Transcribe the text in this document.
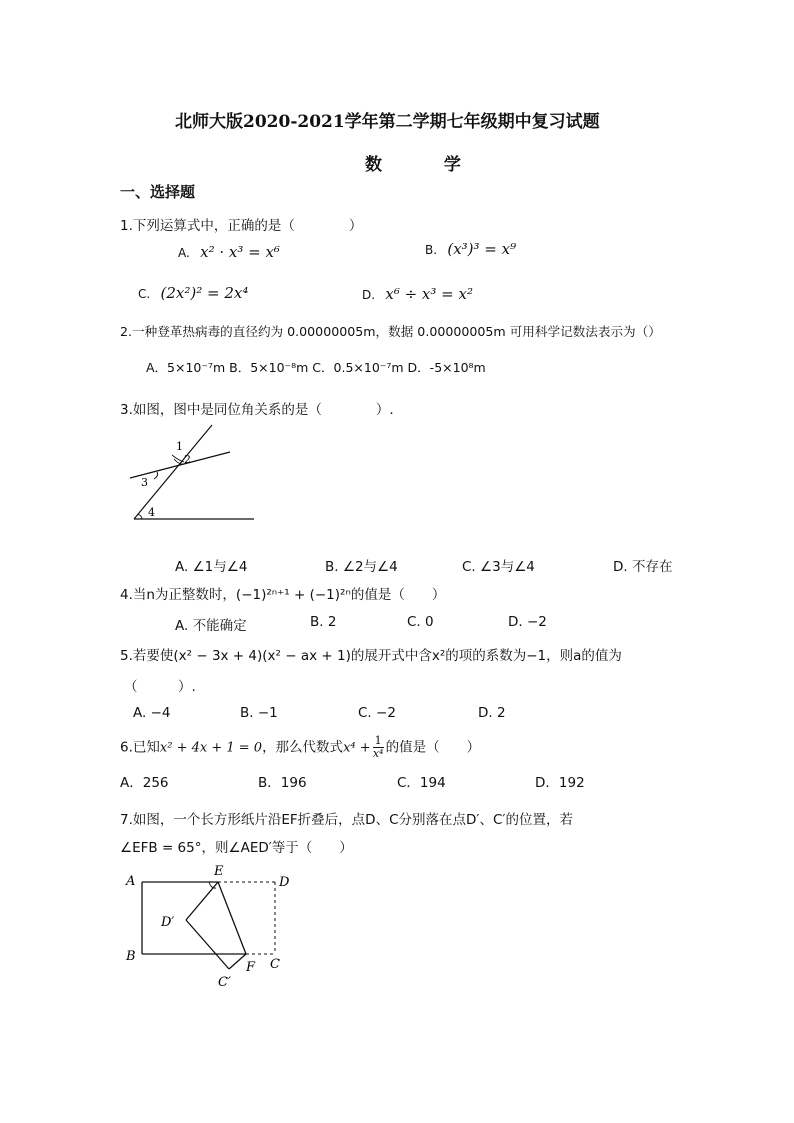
北师大版2020-2021学年第二学期七年级期中复习试题
数 学
一、选择题
1.下列运算式中，正确的是（　　　　）
A. x² · x³ = x⁶	B. (x³)³ = x⁹
C. (2x²)² = 2x⁴	D. x⁶ ÷ x³ = x²
2.一种登革热病毒的直径约为 0.00000005m，数据 0.00000005m 可用科学记数法表示为（）
A．5×10⁻⁷m B．5×10⁻⁸m C．0.5×10⁻⁷m D．-5×10⁸m
3.如图，图中是同位角关系的是（　　　　）.
1
2
3
4
A. ∠1与∠4	B. ∠2与∠4	C. ∠3与∠4	D. 不存在
4.当n为正整数时，(−1)²ⁿ⁺¹ + (−1)²ⁿ的值是（　　）
A. 不能确定	B. 2	C. 0	D. −2
5.若要使(x² − 3x + 4)(x² − ax + 1)的展开式中含x²的项的系数为−1，则a的值为
（　　　）.
A. −4	B. −1	C. −2	D. 2
6.已知x² + 4x + 1 = 0，那么代数式$x^4 + \frac{1}{\text{x⁴}}$ 的值是（　　）
A．256	B．196	C．194	D．192
7.如图，一个长方形纸片沿EF折叠后，点D、C分别落在点D′、C′的位置，若
∠EFB = 65°，则∠AED′等于（　　）
A
E
D
D′
B
F C
C′
